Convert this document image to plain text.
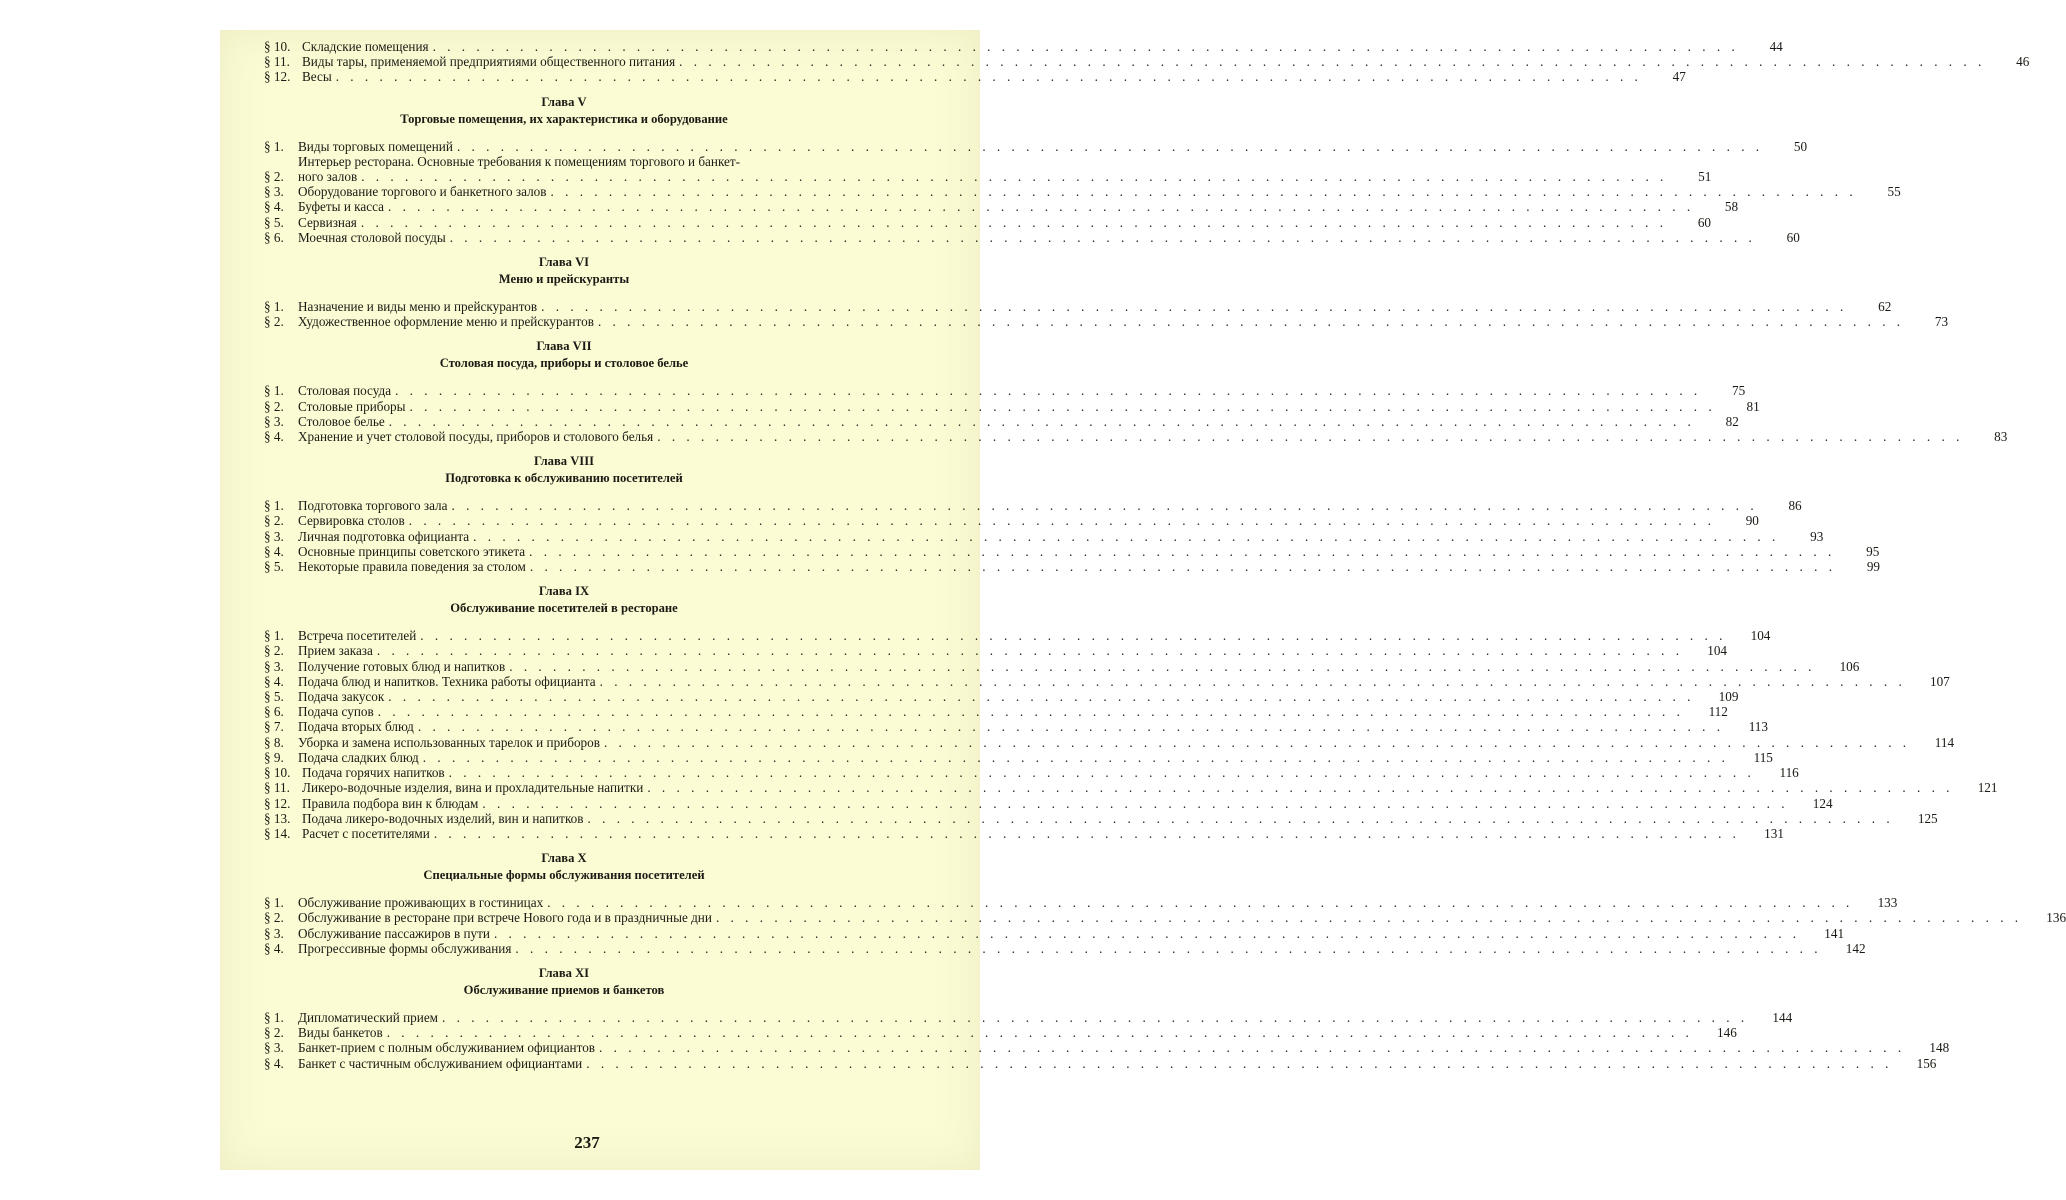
§ 10. Складские помещения . . . . . . . . . . . . . . . . . . . . . . . . . . . . . . . . . . . . . . . . . . . . . . . . . . . . . . . . . . . . . . . . . . . . . . . . . . . . . . . . . . . . . . . . . .	44
§ 11. Виды тары, применяемой предприятиями общественного питания . . . . . . . . . . . . . . . . . . . . . . . . . . . . . . . . . . . . . . . . . . . . . . . . . . . . . . . . . . . . . . . . . . . . . . . . . . . . . . . . . . . . . . . . . .	46
§ 12. Весы . . . . . . . . . . . . . . . . . . . . . . . . . . . . . . . . . . . . . . . . . . . . . . . . . . . . . . . . . . . . . . . . . . . . . . . . . . . . . . . . . . . . . . . . . .	47
Глава V
Торговые помещения, их характеристика и оборудование
§ 1.	Виды торговых помещений . . . . . . . . . . . . . . . . . . . . . . . . . . . . . . . . . . . . . . . . . . . . . . . . . . . . . . . . . . . . . . . . . . . . . . . . . . . . . . . . . . . . . . . . . .	50
§ 2.
Интерьер ресторана. Основные требования к помещениям торгового и банкет-
ного залов . . . . . . . . . . . . . . . . . . . . . . . . . . . . . . . . . . . . . . . . . . . . . . . . . . . . . . . . . . . . . . . . . . . . . . . . . . . . . . . . . . . . . . . . . .	51
§ 3.	Оборудование торгового и банкетного залов . . . . . . . . . . . . . . . . . . . . . . . . . . . . . . . . . . . . . . . . . . . . . . . . . . . . . . . . . . . . . . . . . . . . . . . . . . . . . . . . . . . . . . . . . .	55
§ 4.	Буфеты и касса . . . . . . . . . . . . . . . . . . . . . . . . . . . . . . . . . . . . . . . . . . . . . . . . . . . . . . . . . . . . . . . . . . . . . . . . . . . . . . . . . . . . . . . . . .	58
§ 5.	Сервизная . . . . . . . . . . . . . . . . . . . . . . . . . . . . . . . . . . . . . . . . . . . . . . . . . . . . . . . . . . . . . . . . . . . . . . . . . . . . . . . . . . . . . . . . . .	60
§ 6.	Моечная столовой посуды . . . . . . . . . . . . . . . . . . . . . . . . . . . . . . . . . . . . . . . . . . . . . . . . . . . . . . . . . . . . . . . . . . . . . . . . . . . . . . . . . . . . . . . . . .	60
Глава VI
Меню и прейскуранты
§ 1.	Назначение и виды меню и прейскурантов . . . . . . . . . . . . . . . . . . . . . . . . . . . . . . . . . . . . . . . . . . . . . . . . . . . . . . . . . . . . . . . . . . . . . . . . . . . . . . . . . . . . . . . . . .	62
§ 2.	Художественное оформление меню и прейскурантов . . . . . . . . . . . . . . . . . . . . . . . . . . . . . . . . . . . . . . . . . . . . . . . . . . . . . . . . . . . . . . . . . . . . . . . . . . . . . . . . . . . . . . . . . .	73
Глава VII
Столовая посуда, приборы и столовое белье
§ 1.	Столовая посуда . . . . . . . . . . . . . . . . . . . . . . . . . . . . . . . . . . . . . . . . . . . . . . . . . . . . . . . . . . . . . . . . . . . . . . . . . . . . . . . . . . . . . . . . . .	75
§ 2.	Столовые приборы . . . . . . . . . . . . . . . . . . . . . . . . . . . . . . . . . . . . . . . . . . . . . . . . . . . . . . . . . . . . . . . . . . . . . . . . . . . . . . . . . . . . . . . . . .	81
§ 3.	Столовое белье . . . . . . . . . . . . . . . . . . . . . . . . . . . . . . . . . . . . . . . . . . . . . . . . . . . . . . . . . . . . . . . . . . . . . . . . . . . . . . . . . . . . . . . . . .	82
§ 4.	Хранение и учет столовой посуды, приборов и столового белья . . . . . . . . . . . . . . . . . . . . . . . . . . . . . . . . . . . . . . . . . . . . . . . . . . . . . . . . . . . . . . . . . . . . . . . . . . . . . . . . . . . . . . . . . .	83
Глава VIII
Подготовка к обслуживанию посетителей
§ 1.	Подготовка торгового зала . . . . . . . . . . . . . . . . . . . . . . . . . . . . . . . . . . . . . . . . . . . . . . . . . . . . . . . . . . . . . . . . . . . . . . . . . . . . . . . . . . . . . . . . . .	86
§ 2.	Сервировка столов . . . . . . . . . . . . . . . . . . . . . . . . . . . . . . . . . . . . . . . . . . . . . . . . . . . . . . . . . . . . . . . . . . . . . . . . . . . . . . . . . . . . . . . . . .	90
§ 3.	Личная подготовка официанта . . . . . . . . . . . . . . . . . . . . . . . . . . . . . . . . . . . . . . . . . . . . . . . . . . . . . . . . . . . . . . . . . . . . . . . . . . . . . . . . . . . . . . . . . .	93
§ 4.	Основные принципы советского этикета . . . . . . . . . . . . . . . . . . . . . . . . . . . . . . . . . . . . . . . . . . . . . . . . . . . . . . . . . . . . . . . . . . . . . . . . . . . . . . . . . . . . . . . . . .	95
§ 5.	Некоторые правила поведения за столом . . . . . . . . . . . . . . . . . . . . . . . . . . . . . . . . . . . . . . . . . . . . . . . . . . . . . . . . . . . . . . . . . . . . . . . . . . . . . . . . . . . . . . . . . .	99
Глава IX
Обслуживание посетителей в ресторане
§ 1.	Встреча посетителей . . . . . . . . . . . . . . . . . . . . . . . . . . . . . . . . . . . . . . . . . . . . . . . . . . . . . . . . . . . . . . . . . . . . . . . . . . . . . . . . . . . . . . . . . .	104
§ 2.	Прием заказа . . . . . . . . . . . . . . . . . . . . . . . . . . . . . . . . . . . . . . . . . . . . . . . . . . . . . . . . . . . . . . . . . . . . . . . . . . . . . . . . . . . . . . . . . .	104
§ 3.	Получение готовых блюд и напитков . . . . . . . . . . . . . . . . . . . . . . . . . . . . . . . . . . . . . . . . . . . . . . . . . . . . . . . . . . . . . . . . . . . . . . . . . . . . . . . . . . . . . . . . . .	106
§ 4.	Подача блюд и напитков. Техника работы официанта . . . . . . . . . . . . . . . . . . . . . . . . . . . . . . . . . . . . . . . . . . . . . . . . . . . . . . . . . . . . . . . . . . . . . . . . . . . . . . . . . . . . . . . . . .	107
§ 5.	Подача закусок . . . . . . . . . . . . . . . . . . . . . . . . . . . . . . . . . . . . . . . . . . . . . . . . . . . . . . . . . . . . . . . . . . . . . . . . . . . . . . . . . . . . . . . . . .	109
§ 6.	Подача супов . . . . . . . . . . . . . . . . . . . . . . . . . . . . . . . . . . . . . . . . . . . . . . . . . . . . . . . . . . . . . . . . . . . . . . . . . . . . . . . . . . . . . . . . . .	112
§ 7.	Подача вторых блюд . . . . . . . . . . . . . . . . . . . . . . . . . . . . . . . . . . . . . . . . . . . . . . . . . . . . . . . . . . . . . . . . . . . . . . . . . . . . . . . . . . . . . . . . . .	113
§ 8.	Уборка и замена использованных тарелок и приборов . . . . . . . . . . . . . . . . . . . . . . . . . . . . . . . . . . . . . . . . . . . . . . . . . . . . . . . . . . . . . . . . . . . . . . . . . . . . . . . . . . . . . . . . . .	114
§ 9.	Подача сладких блюд . . . . . . . . . . . . . . . . . . . . . . . . . . . . . . . . . . . . . . . . . . . . . . . . . . . . . . . . . . . . . . . . . . . . . . . . . . . . . . . . . . . . . . . . . .	115
§ 10. Подача горячих напитков . . . . . . . . . . . . . . . . . . . . . . . . . . . . . . . . . . . . . . . . . . . . . . . . . . . . . . . . . . . . . . . . . . . . . . . . . . . . . . . . . . . . . . . . . .	116
§ 11. Ликеро-водочные изделия, вина и прохладительные напитки . . . . . . . . . . . . . . . . . . . . . . . . . . . . . . . . . . . . . . . . . . . . . . . . . . . . . . . . . . . . . . . . . . . . . . . . . . . . . . . . . . . . . . . . . .	121
§ 12. Правила подбора вин к блюдам . . . . . . . . . . . . . . . . . . . . . . . . . . . . . . . . . . . . . . . . . . . . . . . . . . . . . . . . . . . . . . . . . . . . . . . . . . . . . . . . . . . . . . . . . .	124
§ 13. Подача ликеро-водочных изделий, вин и напитков . . . . . . . . . . . . . . . . . . . . . . . . . . . . . . . . . . . . . . . . . . . . . . . . . . . . . . . . . . . . . . . . . . . . . . . . . . . . . . . . . . . . . . . . . .	125
§ 14. Расчет с посетителями . . . . . . . . . . . . . . . . . . . . . . . . . . . . . . . . . . . . . . . . . . . . . . . . . . . . . . . . . . . . . . . . . . . . . . . . . . . . . . . . . . . . . . . . . .	131
Глава X
Специальные формы обслуживания посетителей
§ 1.	Обслуживание проживающих в гостиницах . . . . . . . . . . . . . . . . . . . . . . . . . . . . . . . . . . . . . . . . . . . . . . . . . . . . . . . . . . . . . . . . . . . . . . . . . . . . . . . . . . . . . . . . . .	133
§ 2.	Обслуживание в ресторане при встрече Нового года и в праздничные дни . . . . . . . . . . . . . . . . . . . . . . . . . . . . . . . . . . . . . . . . . . . . . . . . . . . . . . . . . . . . . . . . . . . . . . . . . . . . . . . . . . . . . . . . . .	136
§ 3.	Обслуживание пассажиров в пути . . . . . . . . . . . . . . . . . . . . . . . . . . . . . . . . . . . . . . . . . . . . . . . . . . . . . . . . . . . . . . . . . . . . . . . . . . . . . . . . . . . . . . . . . .	141
§ 4.	Прогрессивные формы обслуживания . . . . . . . . . . . . . . . . . . . . . . . . . . . . . . . . . . . . . . . . . . . . . . . . . . . . . . . . . . . . . . . . . . . . . . . . . . . . . . . . . . . . . . . . . .	142
Глава XI
Обслуживание приемов и банкетов
§ 1.	Дипломатический прием . . . . . . . . . . . . . . . . . . . . . . . . . . . . . . . . . . . . . . . . . . . . . . . . . . . . . . . . . . . . . . . . . . . . . . . . . . . . . . . . . . . . . . . . . .	144
§ 2.	Виды банкетов . . . . . . . . . . . . . . . . . . . . . . . . . . . . . . . . . . . . . . . . . . . . . . . . . . . . . . . . . . . . . . . . . . . . . . . . . . . . . . . . . . . . . . . . . .	146
§ 3.	Банкет-прием с полным обслуживанием официантов . . . . . . . . . . . . . . . . . . . . . . . . . . . . . . . . . . . . . . . . . . . . . . . . . . . . . . . . . . . . . . . . . . . . . . . . . . . . . . . . . . . . . . . . . .	148
§ 4.	Банкет с частичным обслуживанием официантами . . . . . . . . . . . . . . . . . . . . . . . . . . . . . . . . . . . . . . . . . . . . . . . . . . . . . . . . . . . . . . . . . . . . . . . . . . . . . . . . . . . . . . . . . .	156
237
